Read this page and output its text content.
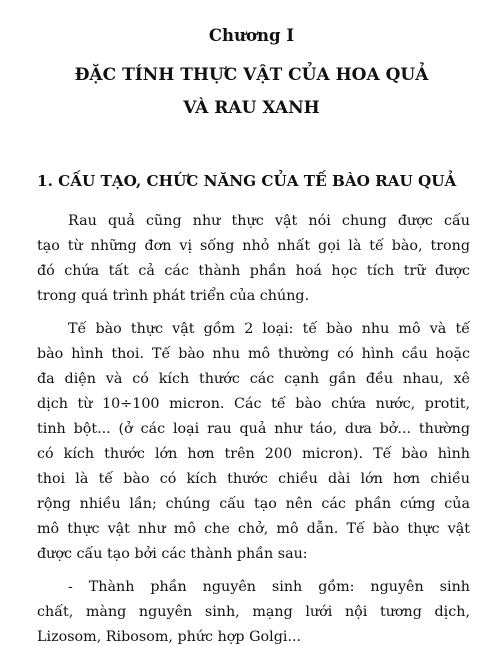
Chương I
ĐẶC TÍNH THỰC VẬT CỦA HOA QUẢ
VÀ RAU XANH
1. CẤU TẠO, CHỨC NĂNG CỦA TẾ BÀO RAU QUẢ
Rau quả cũng như thực vật nói chung được cấu
tạo từ những đơn vị sống nhỏ nhất gọi là tế bào, trong
đó chứa tất cả các thành phần hoá học tích trữ được
trong quá trình phát triển của chúng.
Tế bào thực vật gồm 2 loại: tế bào nhu mô và tế
bào hình thoi. Tế bào nhu mô thường có hình cầu hoặc
đa diện và có kích thước các cạnh gần đều nhau, xê
dịch từ 10÷100 micron. Các tế bào chứa nước, protit,
tinh bột... (ở các loại rau quả như táo, dưa bở... thường
có kích thước lớn hơn trên 200 micron). Tế bào hình
thoi là tế bào có kích thước chiều dài lớn hơn chiều
rộng nhiều lần; chúng cấu tạo nên các phần cứng của
mô thực vật như mô che chở, mô dẫn. Tế bào thực vật
được cấu tạo bởi các thành phần sau:
- Thành phần nguyên sinh gồm: nguyên sinh
chất, màng nguyên sinh, mạng lưới nội tương dịch,
Lizosom, Ribosom, phức hợp Golgi...
